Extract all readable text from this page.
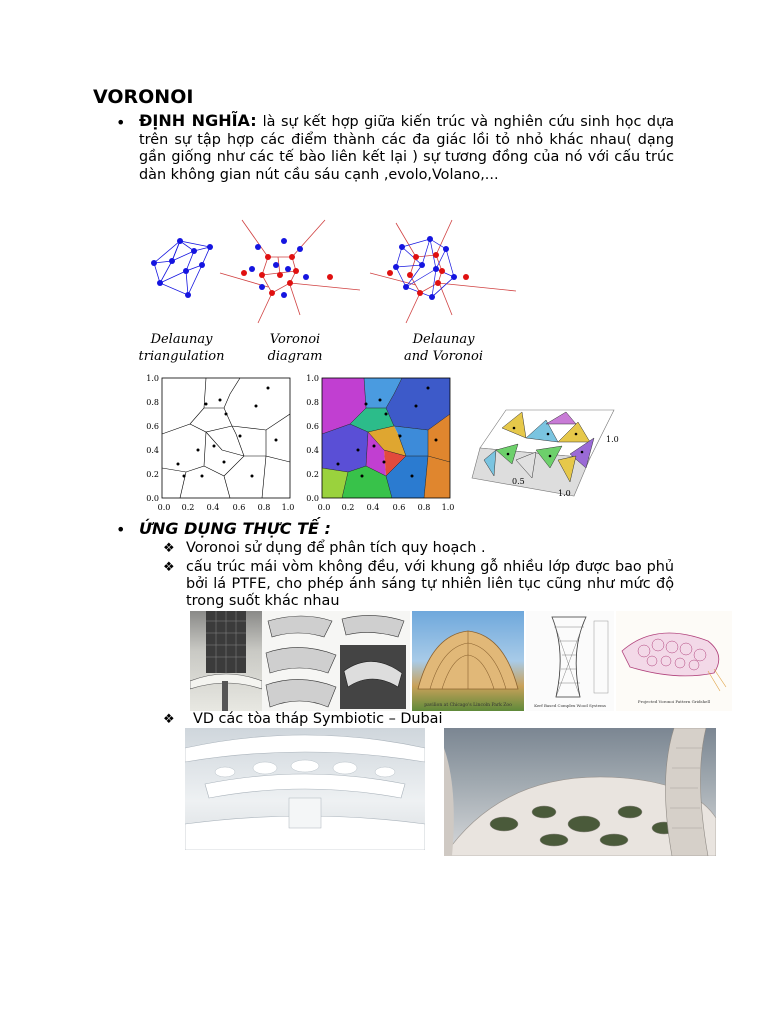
VORONOI
• ĐỊNH NGHĨA: là sự kết hợp giữa kiến trúc và nghiên cứu sinh học dựa trên sự tập hợp các điểm thành các đa giác lồi tỏ nhỏ khác nhau( dạng gần giống như các tế bào liên kết lại ) sự tương đồng của nó với cấu trúc dàn không gian nút cầu sáu cạnh ,evolo,Volano,...
Delaunay
triangulation
Voronoi
diagram
Delaunay
and Voronoi
1.0
0.8
0.6
0.4
0.2
0.0
0.0 0.2 0.4 0.6 0.8 1.0
1.0
0.8
0.6
0.4
0.2
0.0
0.0 0.2 0.4 0.6 0.8 1.0
0.5
1.0
1.0
• ỨNG DỤNG THỰC TẾ :
❖ Voronoi sử dụng để phân tích quy hoạch .
❖ cấu trúc mái vòm không đều, với khung gỗ nhiều lớp được bao phủ bởi lá PTFE, cho phép ánh sáng tự nhiên liên tục cũng như mức độ trong suốt khác nhau
pavilion at Chicago's Lincoln Park Zoo	Kerf Based Complex Wood Systems
Projected Voronoi Pattern Gridshell
❖ VD các tòa tháp Symbiotic – Dubai
